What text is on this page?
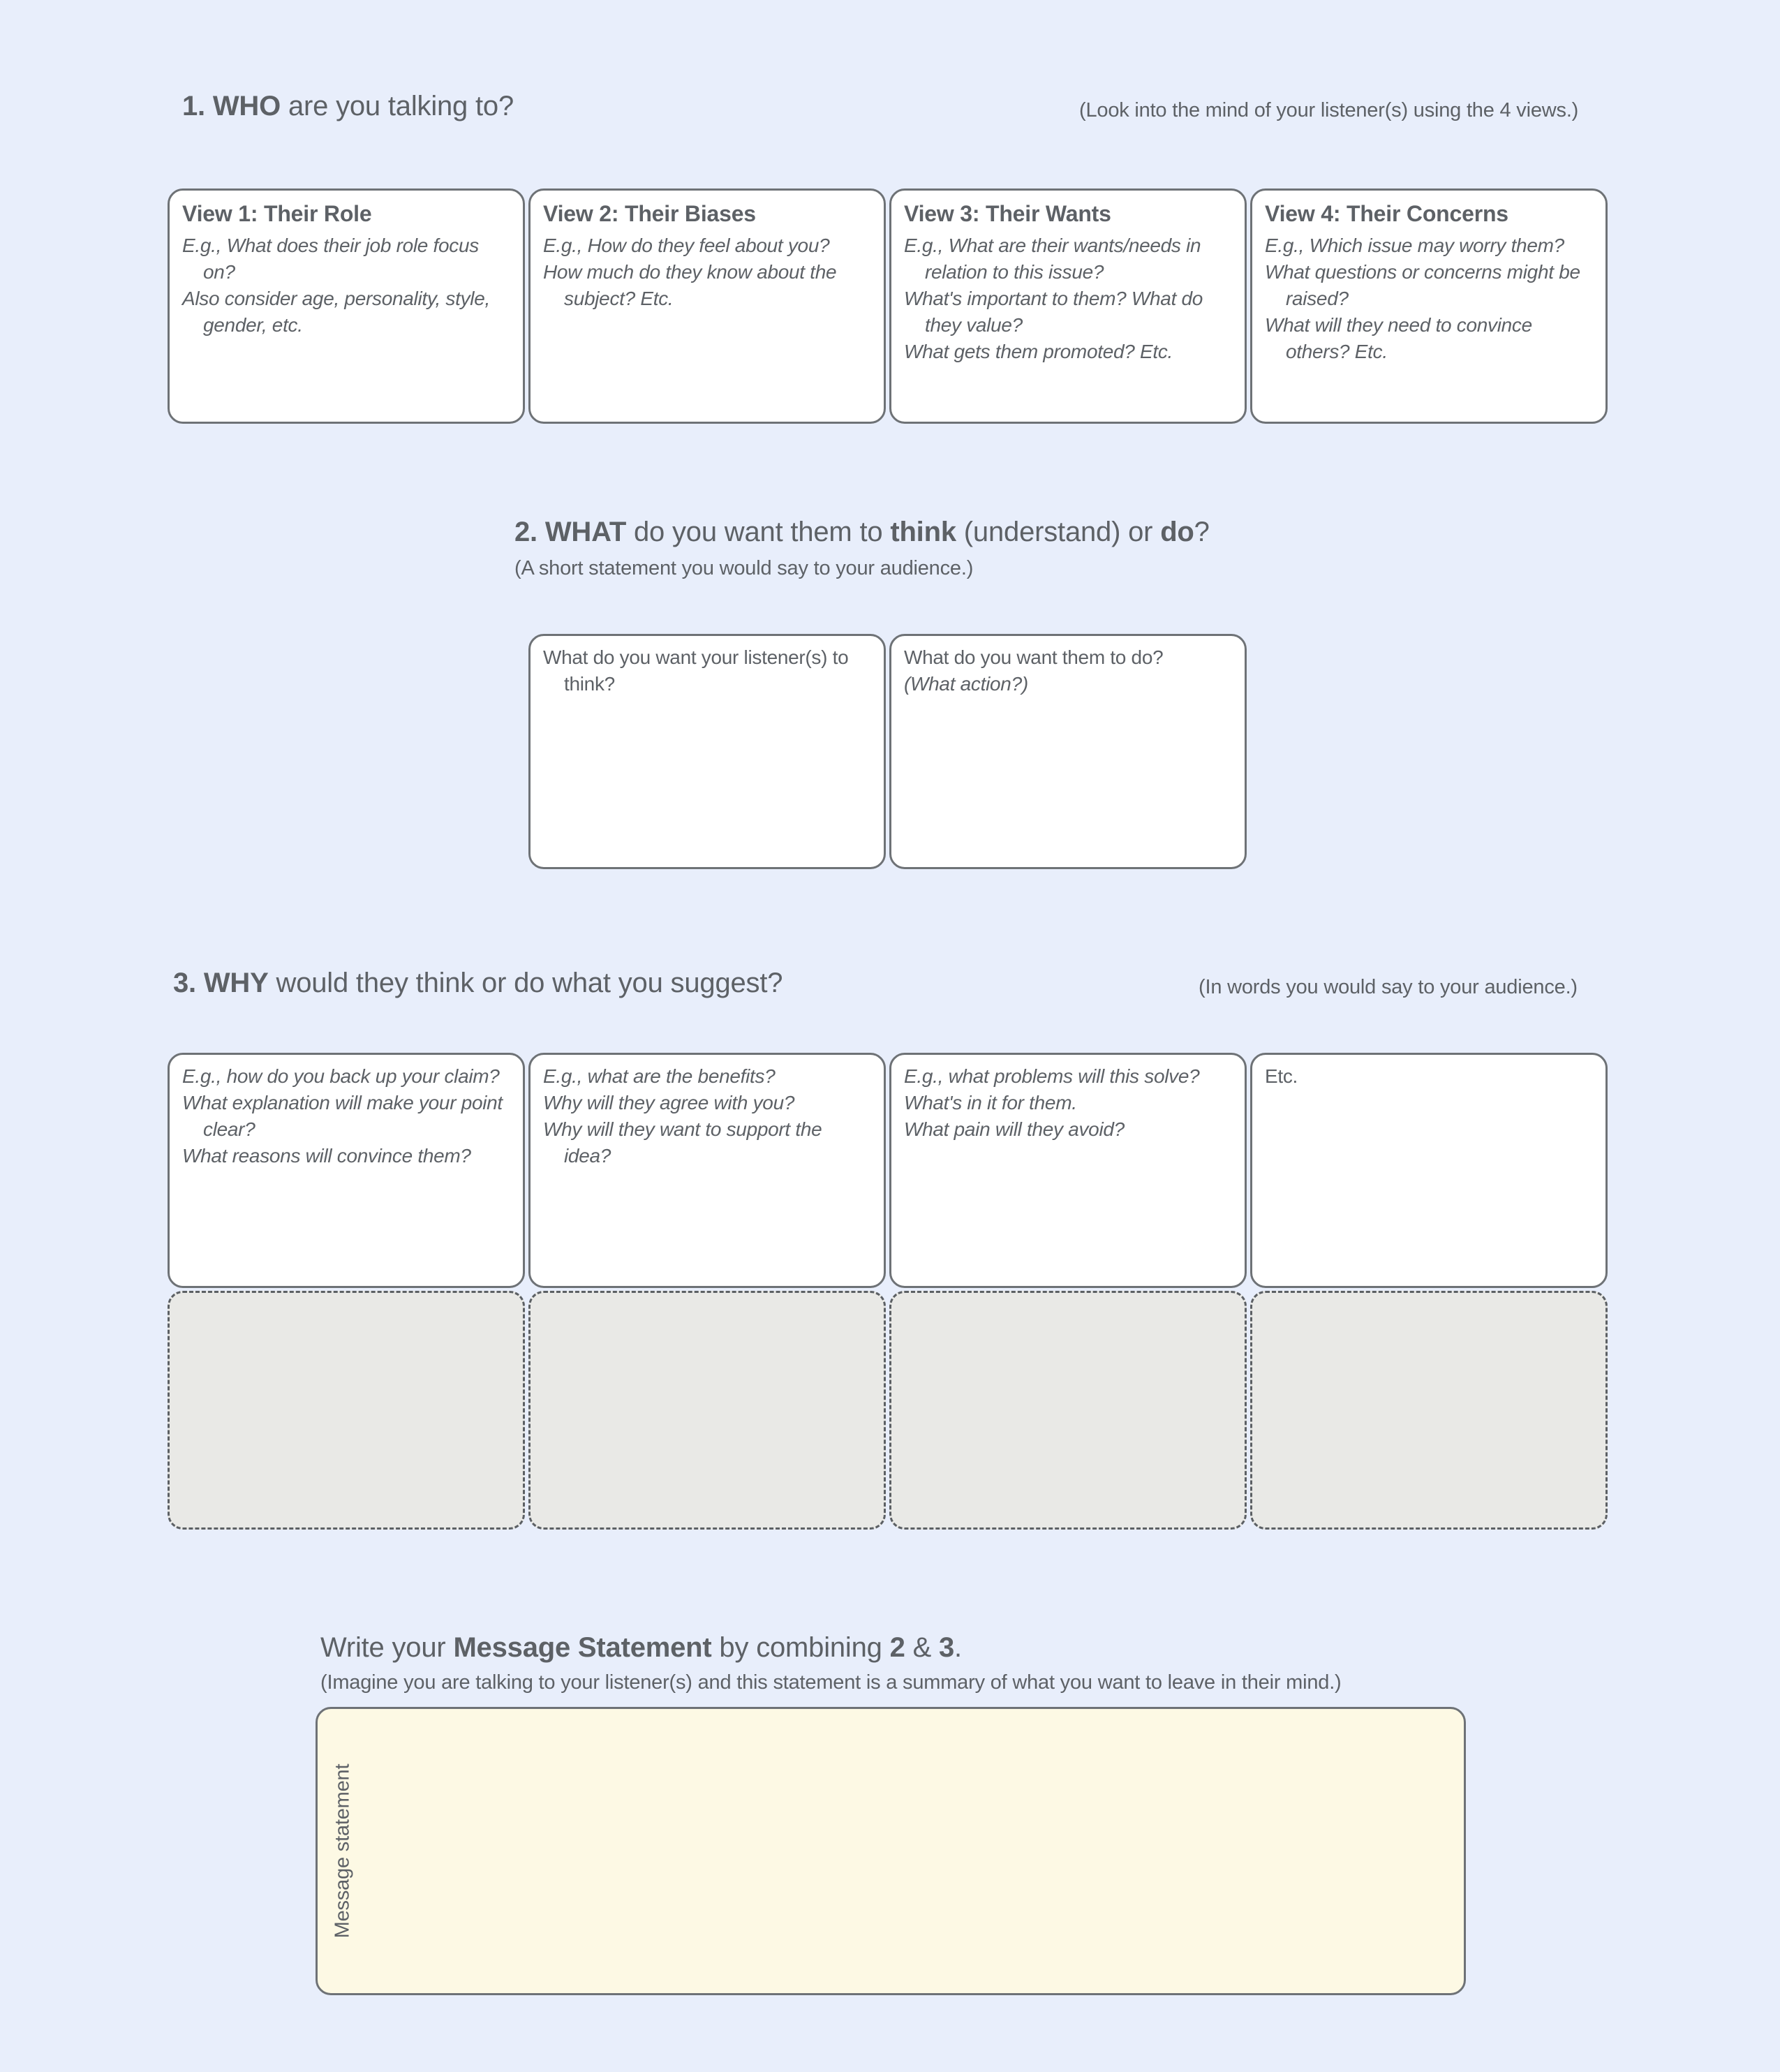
1. WHO are you talking to?	(Look into the mind of your listener(s) using the 4 views.)
View 1: Their Role

E.g., What does their job role focus on?

Also consider age, personality, style, gender, etc.

View 2: Their Biases

E.g., How do they feel about you?

How much do they know about the subject? Etc.

View 3: Their Wants

E.g., What are their wants/needs in relation to this issue?

What's important to them? What do they value?

What gets them promoted? Etc.

View 4: Their Concerns

E.g., Which issue may worry them?

What questions or concerns might be raised?

What will they need to convince others? Etc.

2. WHAT do you want them to think (understand) or do?
(A short statement you would say to your audience.)

What do you want your listener(s) to think?

What do you want them to do?

(What action?)

3. WHY would they think or do what you suggest?	(In words you would say to your audience.)

E.g., how do you back up your claim?

What explanation will make your point clear?

What reasons will convince them?

E.g., what are the benefits?

Why will they agree with you?

Why will they want to support the idea?

E.g., what problems will this solve?

What's in it for them.

What pain will they avoid?

Etc.

Write your Message Statement by combining 2 & 3.
(Imagine you are talking to your listener(s) and this statement is a summary of what you want to leave in their mind.)
Message statement
